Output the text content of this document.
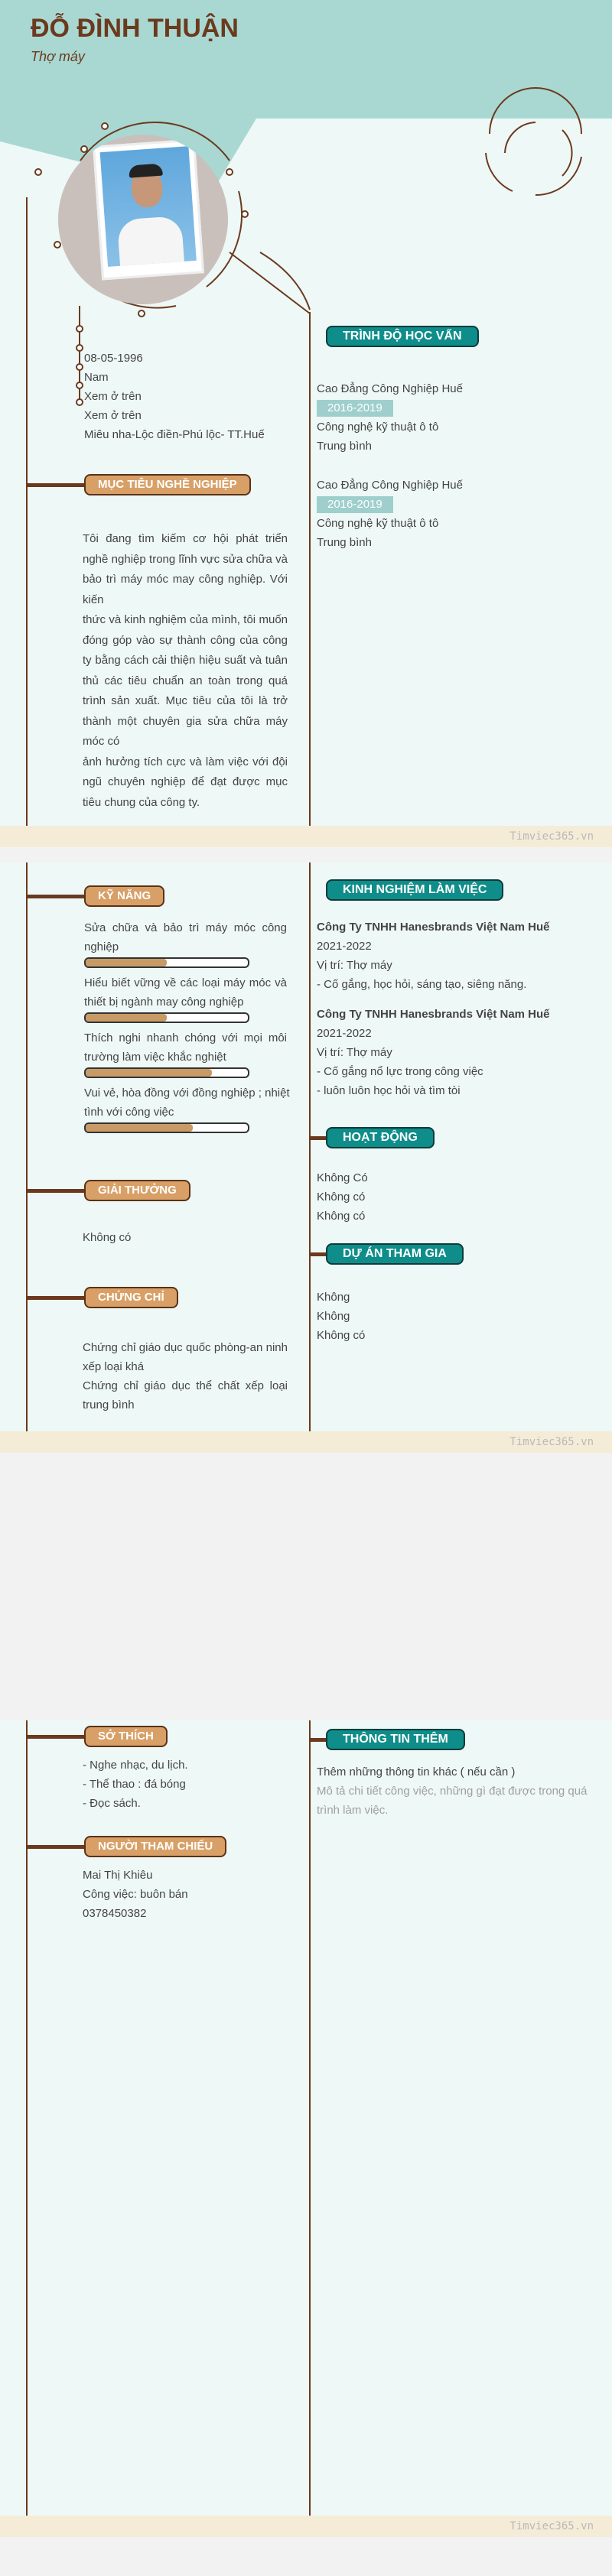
ĐỖ ĐÌNH THUẬN
Thợ máy
08-05-1996
Nam
Xem ở trên
Xem ở trên
Miêu nha-Lộc điền-Phú lộc- TT.Huế
MỤC TIÊU NGHỀ NGHIỆP
Tôi đang tìm kiếm cơ hội phát triển nghề nghiệp trong lĩnh vực sửa chữa và bảo trì máy móc may công nghiệp. Với kiến
thức và kinh nghiệm của mình, tôi muốn đóng góp vào sự thành công của công ty bằng cách cải thiện hiệu suất và tuân thủ các tiêu chuẩn an toàn trong quá trình sản xuất. Mục tiêu của tôi là trở thành một chuyên gia sửa chữa máy móc có
ảnh hưởng tích cực và làm việc với đội ngũ chuyên nghiệp để đạt được mục tiêu chung của công ty.
TRÌNH ĐỘ HỌC VẤN
Cao Đẳng Công Nghiệp Huế
2016-2019
Công nghệ kỹ thuật ô tô
Trung bình
Cao Đẳng Công Nghiệp Huế
2016-2019
Công nghệ kỹ thuật ô tô
Trung bình
Timviec365.vn
KỸ NĂNG
Sửa chữa và bảo trì máy móc công nghiệp
Hiểu biết vững về các loại máy móc và thiết bị ngành may công nghiệp
Thích nghi nhanh chóng với mọi môi trường làm việc khắc nghiệt
Vui vẻ, hòa đồng với đồng nghiệp ; nhiệt tình với công việc
GIẢI THƯỞNG
Không có
CHỨNG CHỈ
Chứng chỉ giáo dục quốc phòng-an ninh xếp loại khá
Chứng chỉ giáo dục thể chất xếp loại trung bình
KINH NGHIỆM LÀM VIỆC
Công Ty TNHH Hanesbrands Việt Nam Huế
2021-2022
Vị trí: Thợ máy
- Cố gắng, học hỏi, sáng tạo, siêng năng.
Công Ty TNHH Hanesbrands Việt Nam Huế
2021-2022
Vị trí: Thợ máy
- Cố gắng nổ lực trong công việc
- luôn luôn học hỏi và tìm tòi
HOẠT ĐỘNG
Không Có
Không có
Không có
DỰ ÁN THAM GIA
Không
Không
Không có
Timviec365.vn
SỞ THÍCH
- Nghe nhạc, du lịch.
- Thể thao : đá bóng
- Đọc sách.
NGƯỜI THAM CHIẾU
Mai Thị Khiêu
Công việc: buôn bán
0378450382
THÔNG TIN THÊM
Thêm những thông tin khác ( nếu cần )
Mô tả chi tiết công việc, những gì đạt được trong quá trình làm việc.
Timviec365.vn
